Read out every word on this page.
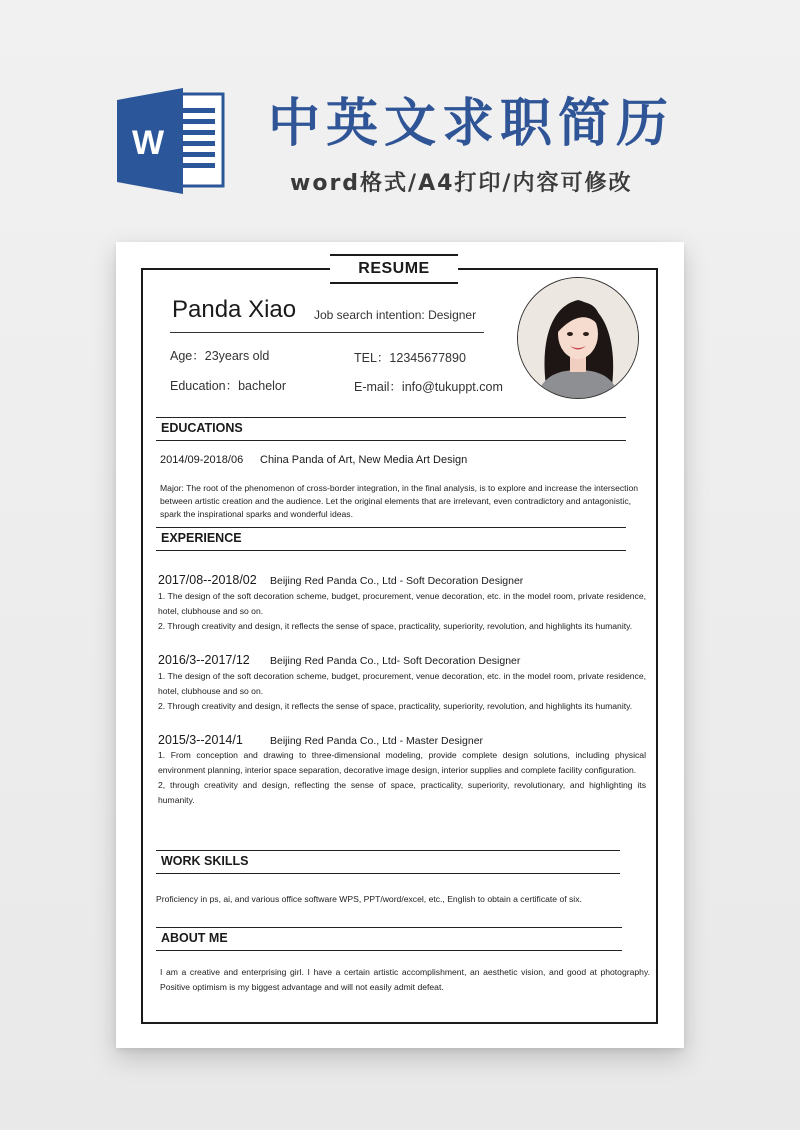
W 中英文求职简历
word格式/A4打印/内容可修改
RESUME
Panda Xiao Job search intention: Designer
Age：23years old	TEL：12345677890
Education：bachelor	E-mail：info@tukuppt.com
EDUCATIONS
2014/09-2018/06 China Panda of Art, New Media Art Design
Major: The root of the phenomenon of cross-border integration, in the final analysis, is to explore and increase the intersection between artistic creation and the audience. Let the original elements that are irrelevant, even contradictory and antagonistic, spark the inspirational sparks and wonderful ideas.
EXPERIENCE
2017/08--2018/02 Beijing Red Panda Co., Ltd - Soft Decoration Designer

1. The design of the soft decoration scheme, budget, procurement, venue decoration, etc. in the model room, private residence, hotel, clubhouse and so on.

2. Through creativity and design, it reflects the sense of space, practicality, superiority, revolution, and highlights its humanity.

2016/3--2017/12 Beijing Red Panda Co., Ltd- Soft Decoration Designer

1. The design of the soft decoration scheme, budget, procurement, venue decoration, etc. in the model room, private residence, hotel, clubhouse and so on.

2. Through creativity and design, it reflects the sense of space, practicality, superiority, revolution, and highlights its humanity.

2015/3--2014/1	Beijing Red Panda Co., Ltd - Master Designer

1. From conception and drawing to three-dimensional modeling, provide complete design solutions, including physical environment planning, interior space separation, decorative image design, interior supplies and complete facility configuration.

2, through creativity and design, reflecting the sense of space, practicality, superiority, revolutionary, and highlighting its humanity.

WORK SKILLS
Proficiency in ps, ai, and various office software WPS, PPT/word/excel, etc., English to obtain a certificate of six.
ABOUT ME
I am a creative and enterprising girl. I have a certain artistic accomplishment, an aesthetic vision, and good at photography. Positive optimism is my biggest advantage and will not easily admit defeat.
